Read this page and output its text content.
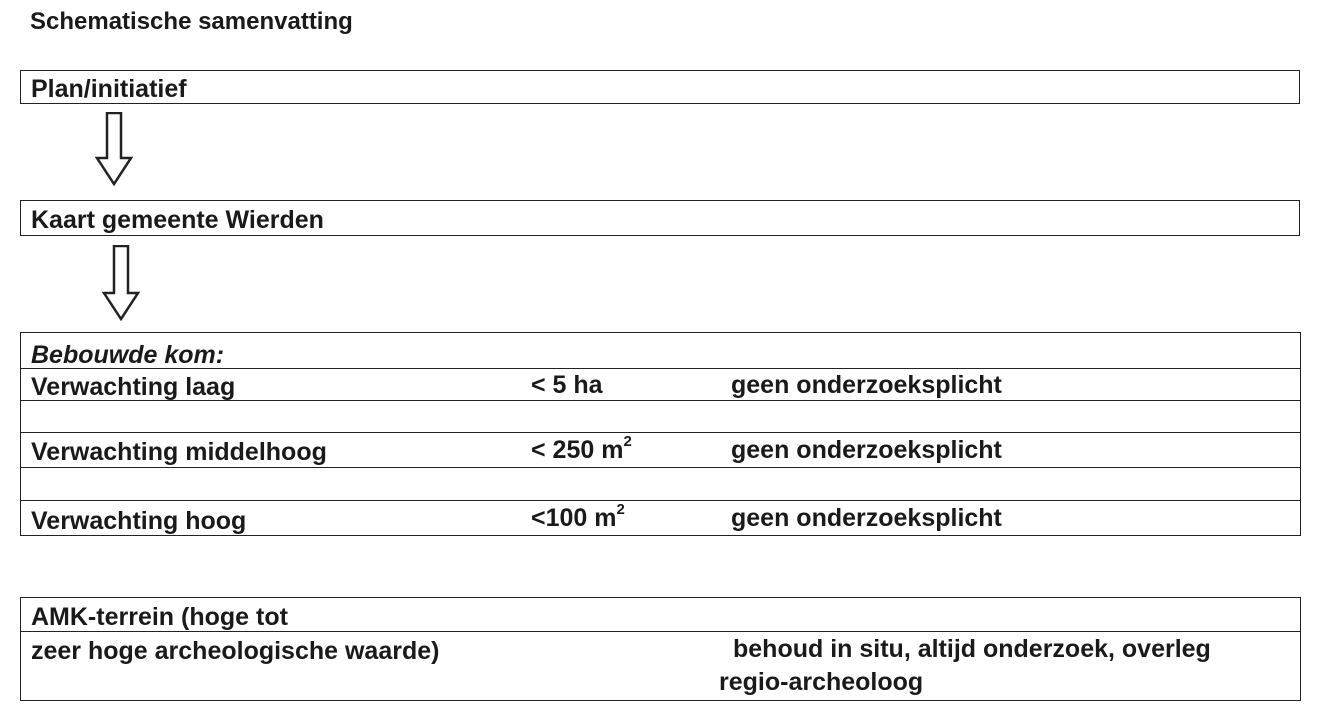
Schematische samenvatting
Plan/initiatief
Kaart gemeente Wierden
Bebouwde kom:
Verwachting laag	< 5 ha	geen onderzoeksplicht
Verwachting middelhoog	< 250 $m^2$	geen onderzoeksplicht
Verwachting hoog	<100 $m^2$	geen onderzoeksplicht
AMK-terrein (hoge tot
zeer hoge archeologische waarde)	behoud in situ, altijd onderzoek, overleg
regio-archeoloog
